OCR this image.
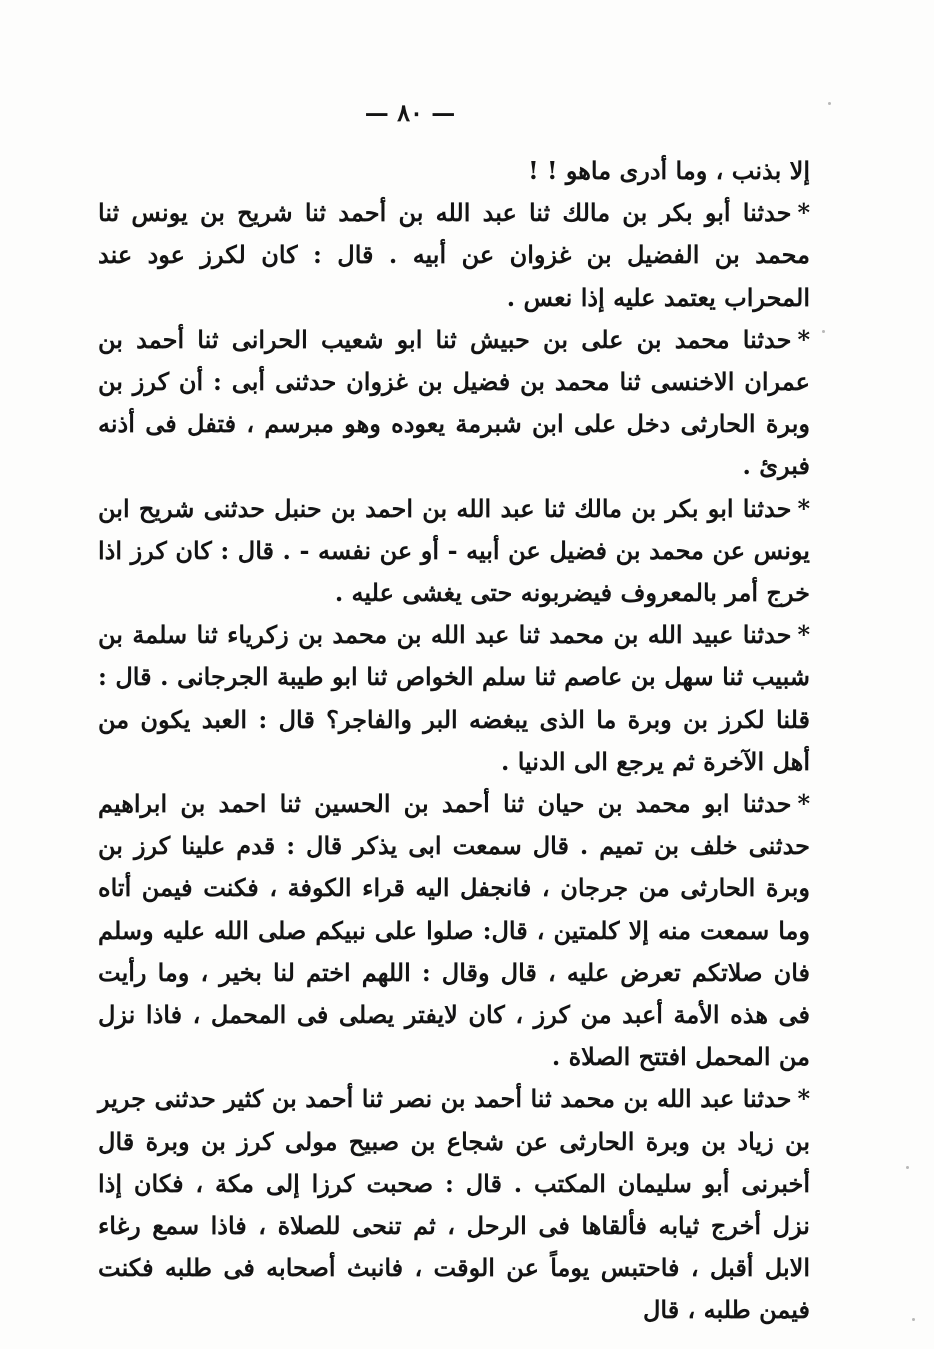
— ٨٠ —

إلا بذنب ، وما أدرى ماهو ! !

*حدثنا أبو بكر بن مالك ثنا عبد الله بن أحمد ثنا شريح بن يونس ثنا محمد بن الفضيل بن غزوان عن أبيه . قال : كان لكرز عود عند المحراب يعتمد عليه إذا نعس .

*حدثنا محمد بن على بن حبيش ثنا ابو شعيب الحرانى ثنا أحمد بن عمران الاخنسى ثنا محمد بن فضيل بن غزوان حدثنى أبى : أن كرز بن وبرة الحارثى دخل على ابن شبرمة يعوده وهو مبرسم ، فتفل فى أذنه فبرئ .

*حدثنا ابو بكر بن مالك ثنا عبد الله بن احمد بن حنبل حدثنى شريح ابن يونس عن محمد بن فضيل عن أبيه - أو عن نفسه - . قال : كان كرز اذا خرج أمر بالمعروف فيضربونه حتى يغشى عليه .

*حدثنا عبيد الله بن محمد ثنا عبد الله بن محمد بن زكرياء ثنا سلمة بن شبيب ثنا سهل بن عاصم ثنا سلم الخواص ثنا ابو طيبة الجرجانى . قال : قلنا لكرز بن وبرة ما الذى يبغضه البر والفاجر؟ قال : العبد يكون من أهل الآخرة ثم يرجع الى الدنيا .

*حدثنا ابو محمد بن حيان ثنا أحمد بن الحسين ثنا احمد بن ابراهيم حدثنى خلف بن تميم . قال سمعت ابى يذكر قال : قدم علينا كرز بن وبرة الحارثى من جرجان ، فانجفل اليه قراء الكوفة ، فكنت فيمن أتاه وما سمعت منه إلا كلمتين ، قال: صلوا على نبيكم صلى الله عليه وسلم فان صلاتكم تعرض عليه ، قال وقال : اللهم اختم لنا بخير ، وما رأيت فى هذه الأمة أعبد من كرز ، كان لايفتر يصلى فى المحمل ، فاذا نزل من المحمل افتتح الصلاة .

*حدثنا عبد الله بن محمد ثنا أحمد بن نصر ثنا أحمد بن كثير حدثنى جرير بن زياد بن وبرة الحارثى عن شجاع بن صبيح مولى كرز بن وبرة قال أخبرنى أبو سليمان المكتب . قال : صحبت كرزا إلى مكة ، فكان إذا نزل أخرج ثيابه فألقاها فى الرحل ، ثم تنحى للصلاة ، فاذا سمع رغاء الابل أقبل ، فاحتبس يوماً عن الوقت ، فانبث أصحابه فى طلبه فكنت فيمن طلبه ، قال
